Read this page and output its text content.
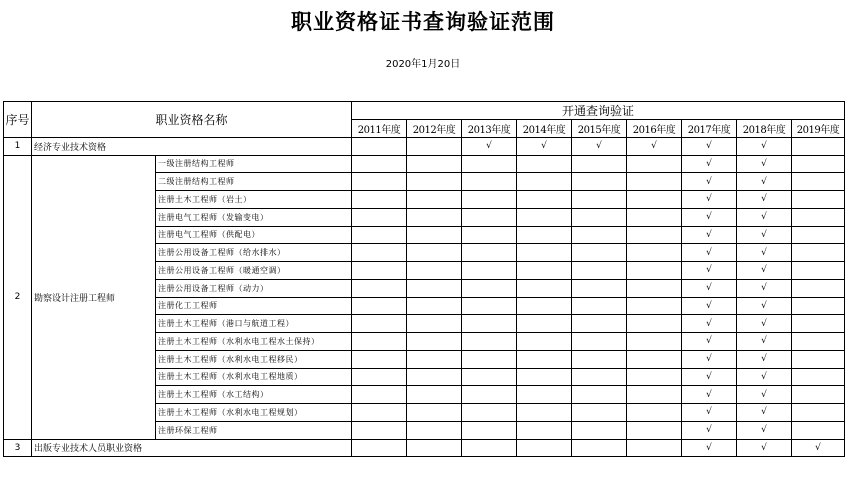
职业资格证书查询验证范围
2020年1月20日
序号	职业资格名称		开通查询验证								
			2011年度	2012年度	2013年度	2014年度	2015年度	2016年度	2017年度	2018年度	2019年度
1	经济专业技术资格				√	√	√	√	√	√	
2	勘察设计注册工程师	一级注册结构工程师							√	√	
		二级注册结构工程师							√	√	
		注册土木工程师（岩土）							√	√	
		注册电气工程师（发输变电）							√	√	
		注册电气工程师（供配电）							√	√	
		注册公用设备工程师（给水排水）							√	√	
		注册公用设备工程师（暖通空调）							√	√	
		注册公用设备工程师（动力）							√	√	
		注册化工工程师							√	√	
		注册土木工程师（港口与航道工程）							√	√	
		注册土木工程师（水利水电工程水土保持）							√	√	
		注册土木工程师（水利水电工程移民）							√	√	
		注册土木工程师（水利水电工程地质）							√	√	
		注册土木工程师（水工结构）							√	√	
		注册土木工程师（水利水电工程规划）							√	√	
		注册环保工程师							√	√	
3	出版专业技术人员职业资格								√	√	√
